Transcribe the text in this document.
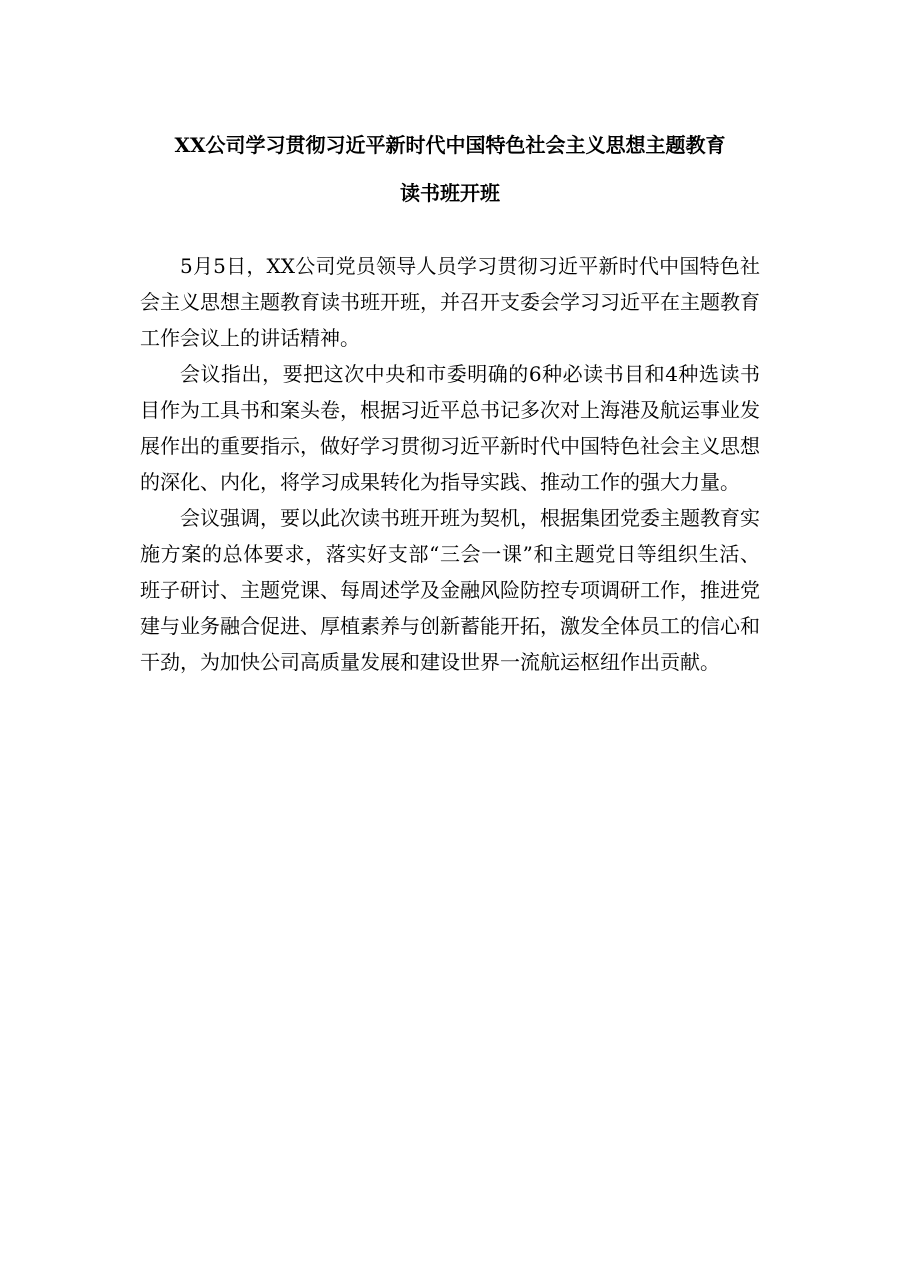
XX公司学习贯彻习近平新时代中国特色社会主义思想主题教育
读书班开班

5月5日，XX公司党员领导人员学习贯彻习近平新时代中国特色社会主义思想主题教育读书班开班，并召开支委会学习习近平在主题教育工作会议上的讲话精神。

会议指出，要把这次中央和市委明确的6种必读书目和4种选读书目作为工具书和案头卷，根据习近平总书记多次对上海港及航运事业发展作出的重要指示，做好学习贯彻习近平新时代中国特色社会主义思想的深化、内化，将学习成果转化为指导实践、推动工作的强大力量。

会议强调，要以此次读书班开班为契机，根据集团党委主题教育实施方案的总体要求，落实好支部“三会一课”和主题党日等组织生活、班子研讨、主题党课、每周述学及金融风险防控专项调研工作，推进党建与业务融合促进、厚植素养与创新蓄能开拓，激发全体员工的信心和干劲，为加快公司高质量发展和建设世界一流航运枢纽作出贡献。
